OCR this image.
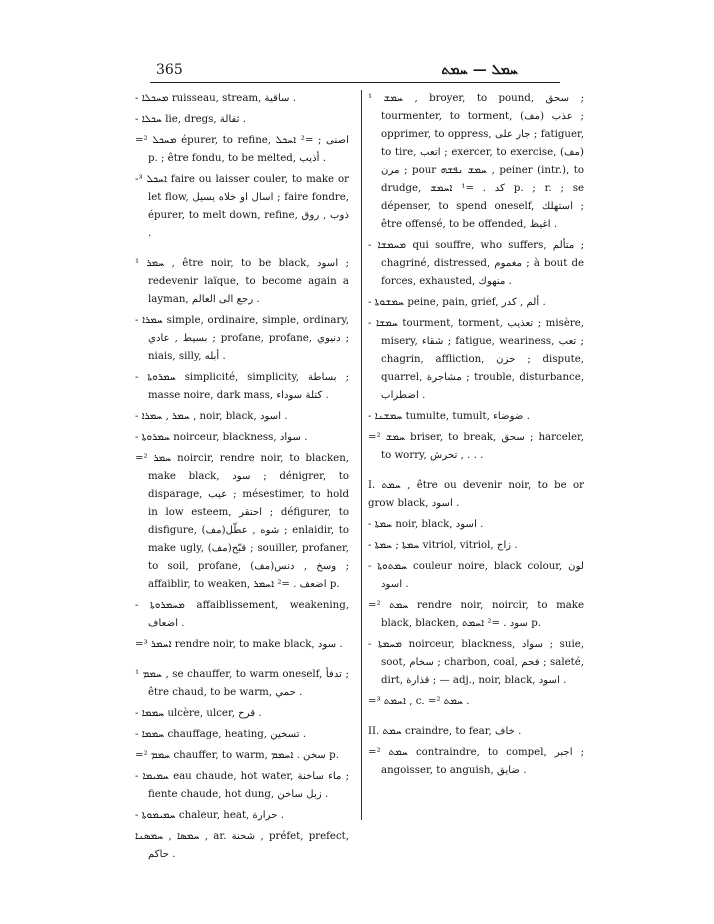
365	ܚܡܠ — ܚܡܬ

- ܡܚܟܠܐ ruisseau, stream, ساقية .

- ܚܟܠܐ lie, dregs, ثفالة .

=² ܡܚܟܠ épurer, to refine, اصنى ; =² ܐܚܟܠ p. ; être fondu, to be melted, أذيب .

-³ ܐܚܟܠ faire ou laisser couler, to make or let flow, اسال او خلاه يسيل ; faire fondre, épurer, to melt down, refine, ذوب , روق .

¹ ܚܡܪ , être noir, to be black, اسود ; redevenir laïque, to become again a layman, رجع الى العالم .

- ܚܡܪܐ simple, ordinaire, simple, ordinary, بسيط , عادي ; profane, profane, دنيوي ; niais, silly, أبله .

- ܚܡܪܘܬܐ simplicité, simplicity, بساطة ; masse noire, dark mass, كتلة سوداء .

- ܚܡܪ , ܚܡܪܐ , noir, black, اسود .

- ܚܡܪܘܬܐ noirceur, blackness, سواد .

=² ܚܡܪ noircir, rendre noir, to blacken, make black, سود ; dénigrer, to disparage, عيب ; mésestimer, to hold in low esteem, احتقر ; défigurer, to disfigure, شوه , عطّل(مف) ; enlaidir, to make ugly, (مف)قبّح ; souiller, profaner, to soil, profane, (مف)وسخ , دنس ; affaiblir, to weaken, اضعف . =² ܐܚܡܪ p.

- ܡܚܡܪܘܬܐ affaiblissement, weakening, اضعاف .

=³ ܐܚܡܪ rendre noir, to make black, سود .

¹ ܚܡܡ , se chauffer, to warm oneself, تدفأ ; être chaud, to be warm, حمي .

- ܚܡܡܐ ulcère, ulcer, قرح .

- ܚܡܡܐ chauffage, heating, تسخين .

=² ܚܡܡ chauffer, to warm, سخن . ܐܚܡܡ p.

- ܚܡܝܡܐ eau chaude, hot water, ماء ساخنة ; fiente chaude, hot dung, زبل ساخن .

- ܚܡܝܡܘܬܐ chaleur, heat, حرارة .

ܚܡܣܐ , ܚܡܣܢܐ , ar. شحنة , préfet, prefect, حاكم .

¹ ܚܡܫ , broyer, to pound, سحق ; tourmenter, to torment, (مف) عذب ; opprimer, to oppress, جار على ; fatiguer, to tire, اتعب ; exercer, to exercise, (مف) مرن ; pour ܚܡܫ ܢܦܫܗ , peiner (intr.), to drudge, كد . =¹ ܐܚܡܫ p. ; r. ; se dépenser, to spend oneself, استهلك ; être offensé, to be offended, اغيظ .

- ܡܚܡܫܐ qui souffre, who suffers, متألم ; chagriné, distressed, مغموم ; à bout de forces, exhausted, منهوك .

- ܚܡܫܘܬܐ peine, pain, grief, ألم , كدر .

- ܚܡܫܐ tourment, torment, تعذيب ; misère, misery, شقاء ; fatigue, weariness, تعب ; chagrin, affliction, حزن ; dispute, quarrel, مشاجرة ; trouble, disturbance, اضطراب .

- ܚܡܫܢܐ tumulte, tumult, ضوضاء .

=² ܚܡܫ briser, to break, سحق ; harceler, to worry, تحرش , . . .

I. ܚܡܬ , être ou devenir noir, to be or grow black, اسود .

- ܚܡܬܐ noir, black, اسود .

- ܚܡܬܐ ; ܚܡܬܐ vitriol, vitriol, زاج .

- ܚܡܬܘܬܐ couleur noire, black colour, لون اسود .

=² ܚܡܬ rendre noir, noircir, to make black, blacken, سود . =² ܐܚܡܬ p.

- ܡܚܡܬܐ noirceur, blackness, سواد ; suie, soot, سخام ; charbon, coal, فحم ; saleté, dirt, قذارة ; — adj., noir, black, اسود .

=³ ܐܚܡܬ , c. =² ܚܡܬ .

II. ܚܡܬ craindre, to fear, خاف .

=² ܚܡܬ contraindre, to compel, اجبر ; angoisser, to anguish, ضايق .
